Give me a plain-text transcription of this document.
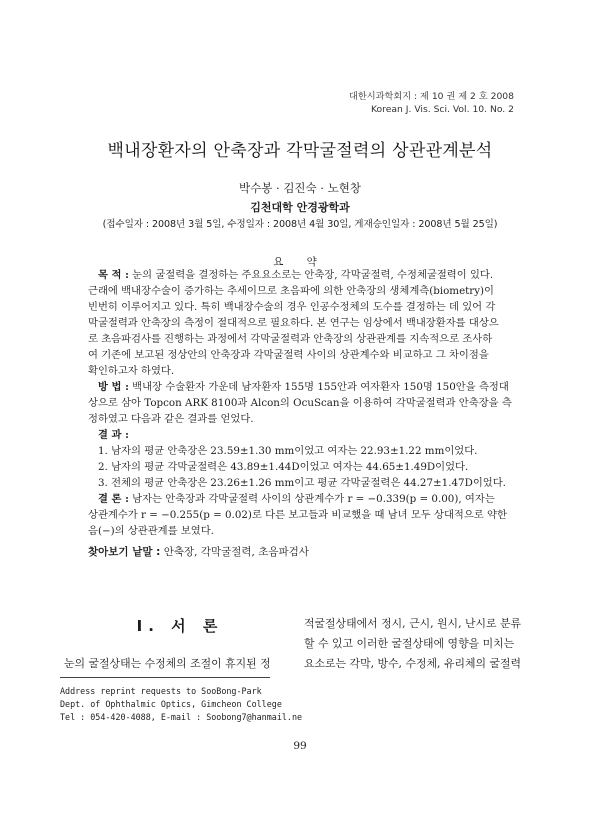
대한시과학회지 : 제 10 권 제 2 호 2008
Korean J. Vis. Sci. Vol. 10. No. 2
백내장환자의 안축장과 각막굴절력의 상관관계분석
박수봉 · 김진숙 · 노현창
김천대학 안경광학과
(접수일자 : 2008년 3월 5일, 수정일자 : 2008년 4월 30일, 게재승인일자 : 2008년 5월 25일)
요 약
목 적 : 눈의 굴절력을 결정하는 주요요소로는 안축장, 각막굴절력, 수정체굴절력이 있다.
근래에 백내장수술이 증가하는 추세이므로 초음파에 의한 안축장의 생체계측(biometry)이
빈번히 이루어지고 있다. 특히 백내장수술의 경우 인공수정체의 도수를 결정하는 데 있어 각
막굴절력과 안축장의 측정이 절대적으로 필요하다. 본 연구는 임상에서 백내장환자를 대상으
로 초음파검사를 진행하는 과정에서 각막굴절력과 안축장의 상관관계를 지속적으로 조사하
여 기존에 보고된 정상안의 안축장과 각막굴절력 사이의 상관계수와 비교하고 그 차이점을
확인하고자 하였다.
방 법 : 백내장 수술환자 가운데 남자환자 155명 155안과 여자환자 150명 150안을 측정대
상으로 삼아 Topcon ARK 8100과 Alcon의 OcuScan을 이용하여 각막굴절력과 안축장을 측
정하였고 다음과 같은 결과를 얻었다.
결 과 :
1. 남자의 평균 안축장은 23.59±1.30 mm이었고 여자는 22.93±1.22 mm이었다.
2. 남자의 평균 각막굴절력은 43.89±1.44D이었고 여자는 44.65±1.49D이었다.
3. 전체의 평균 안축장은 23.26±1.26 mm이고 평균 각막굴절력은 44.27±1.47D이었다.
결 론 : 남자는 안축장과 각막굴절력 사이의 상관계수가 r = −0.339(p = 0.00), 여자는
상관계수가 r = −0.255(p = 0.02)로 다른 보고들과 비교했을 때 남녀 모두 상대적으로 약한
음(−)의 상관관계를 보였다.
찾아보기 낱말 : 안축장, 각막굴절력, 초음파검사
Ⅰ. 서 론
눈의 굴절상태는 수정체의 조절이 휴지된 정
적굴절상태에서 정시, 근시, 원시, 난시로 분류
할 수 있고 이러한 굴절상태에 영향을 미치는
요소로는 각막, 방수, 수정체, 유리체의 굴절력
Address reprint requests to SooBong-Park
Dept. of Ophthalmic Optics, Gimcheon College
Tel : 054-420-4088, E-mail : Soobong7@hanmail.ne
99
